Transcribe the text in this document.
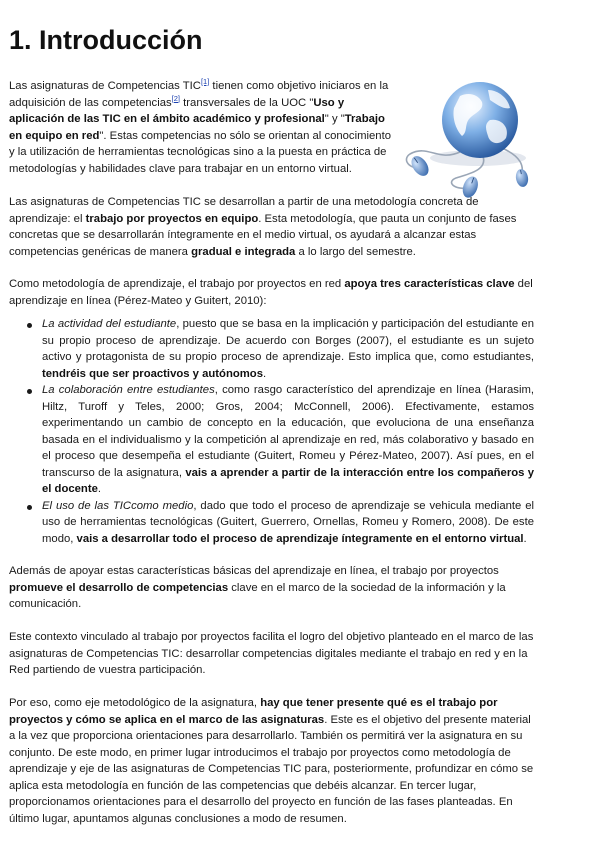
1. Introducción

Las asignaturas de Competencias TIC[1] tienen como objetivo iniciaros en la adquisición de las competencias[2] transversales de la UOC "Uso y aplicación de las TIC en el ámbito académico y profesional" y "Trabajo en equipo en red". Estas competencias no sólo se orientan al conocimiento y la utilización de herramientas tecnológicas sino a la puesta en práctica de metodologías y habilidades clave para trabajar en un entorno virtual.

Las asignaturas de Competencias TIC se desarrollan a partir de una metodología concreta de aprendizaje: el trabajo por proyectos en equipo. Esta metodología, que pauta un conjunto de fases concretas que se desarrollarán íntegramente en el medio virtual, os ayudará a alcanzar estas competencias genéricas de manera gradual e integrada a lo largo del semestre.

Como metodología de aprendizaje, el trabajo por proyectos en red apoya tres características clave del aprendizaje en línea (Pérez-Mateo y Guitert, 2010):

La actividad del estudiante, puesto que se basa en la implicación y participación del estudiante en su propio proceso de aprendizaje. De acuerdo con Borges (2007), el estudiante es un sujeto activo y protagonista de su propio proceso de aprendizaje. Esto implica que, como estudiantes, tendréis que ser proactivos y autónomos.
La colaboración entre estudiantes, como rasgo característico del aprendizaje en línea (Harasim, Hiltz, Turoff y Teles, 2000; Gros, 2004; McConnell, 2006). Efectivamente, estamos experimentando un cambio de concepto en la educación, que evoluciona de una enseñanza basada en el individualismo y la competición al aprendizaje en red, más colaborativo y basado en el proceso que desempeña el estudiante (Guitert, Romeu y Pérez-Mateo, 2007). Así pues, en el transcurso de la asignatura, vais a aprender a partir de la interacción entre los compañeros y el docente.
El uso de las TICcomo medio, dado que todo el proceso de aprendizaje se vehicula mediante el uso de herramientas tecnológicas (Guitert, Guerrero, Ornellas, Romeu y Romero, 2008). De este modo, vais a desarrollar todo el proceso de aprendizaje íntegramente en el entorno virtual.

Además de apoyar estas características básicas del aprendizaje en línea, el trabajo por proyectos promueve el desarrollo de competencias clave en el marco de la sociedad de la información y la comunicación.

Este contexto vinculado al trabajo por proyectos facilita el logro del objetivo planteado en el marco de las asignaturas de Competencias TIC: desarrollar competencias digitales mediante el trabajo en red y en la Red partiendo de vuestra participación.

Por eso, como eje metodológico de la asignatura, hay que tener presente qué es el trabajo por proyectos y cómo se aplica en el marco de las asignaturas. Este es el objetivo del presente material a la vez que proporciona orientaciones para desarrollarlo. También os permitirá ver la asignatura en su conjunto. De este modo, en primer lugar introducimos el trabajo por proyectos como metodología de aprendizaje y eje de las asignaturas de Competencias TIC para, posteriormente, profundizar en cómo se aplica esta metodología en función de las competencias que debéis alcanzar. En tercer lugar, proporcionamos orientaciones para el desarrollo del proyecto en función de las fases planteadas. En último lugar, apuntamos algunas conclusiones a modo de resumen.
